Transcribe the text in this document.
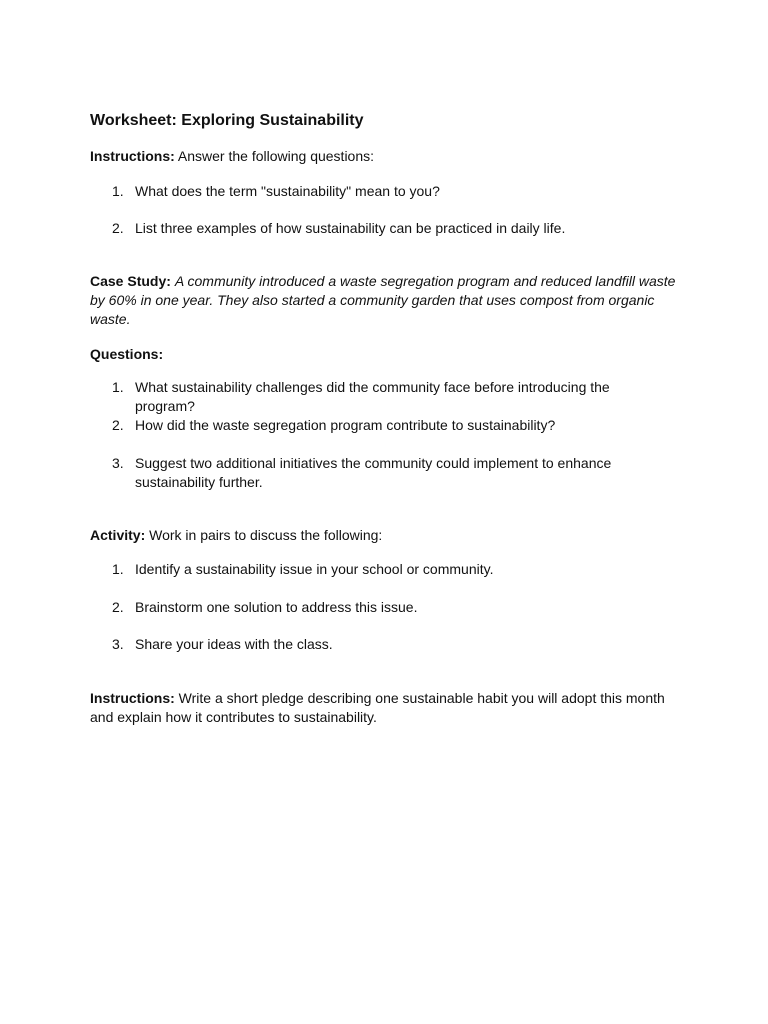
Worksheet: Exploring Sustainability
Instructions: Answer the following questions:
1. What does the term "sustainability" mean to you?
2. List three examples of how sustainability can be practiced in daily life.
Case Study: A community introduced a waste segregation program and reduced landfill waste by 60% in one year. They also started a community garden that uses compost from organic waste.
Questions:
1. What sustainability challenges did the community face before introducing the program?
2. How did the waste segregation program contribute to sustainability?
3. Suggest two additional initiatives the community could implement to enhance sustainability further.
Activity: Work in pairs to discuss the following:
1. Identify a sustainability issue in your school or community.
2. Brainstorm one solution to address this issue.
3. Share your ideas with the class.
Instructions: Write a short pledge describing one sustainable habit you will adopt this month and explain how it contributes to sustainability.
